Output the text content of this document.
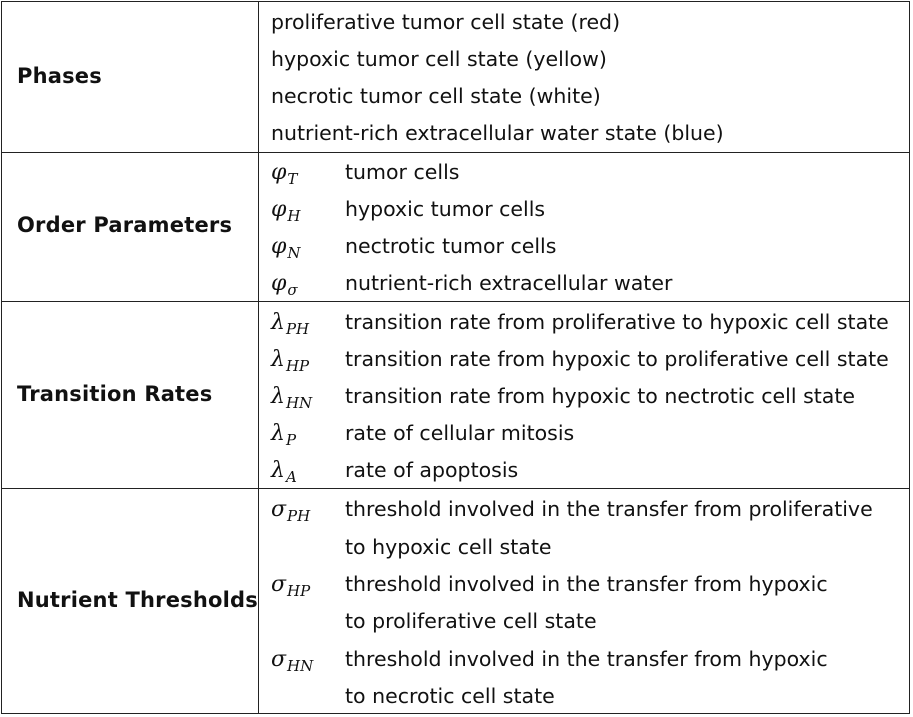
Phases
proliferative tumor cell state (red)
hypoxic tumor cell state (yellow)
necrotic tumor cell state (white)
nutrient-rich extracellular water state (blue)
Order Parameters
$\varphi_T$ tumor cells
$\varphi_H$ hypoxic tumor cells
$\varphi_N$ nectrotic tumor cells
$\varphi_\sigma$ nutrient-rich extracellular water
Transition Rates
$\lambda_{PH}$ transition rate from proliferative to hypoxic cell state
$\lambda_{HP}$ transition rate from hypoxic to proliferative cell state
$\lambda_{HN}$ transition rate from hypoxic to nectrotic cell state
$\lambda_P$ rate of cellular mitosis
$\lambda_A$ rate of apoptosis
Nutrient Thresholds
$\sigma_{PH}$ threshold involved in the transfer from proliferative
to hypoxic cell state
$\sigma_{HP}$ threshold involved in the transfer from hypoxic
to proliferative cell state
$\sigma_{HN}$ threshold involved in the transfer from hypoxic
to necrotic cell state
